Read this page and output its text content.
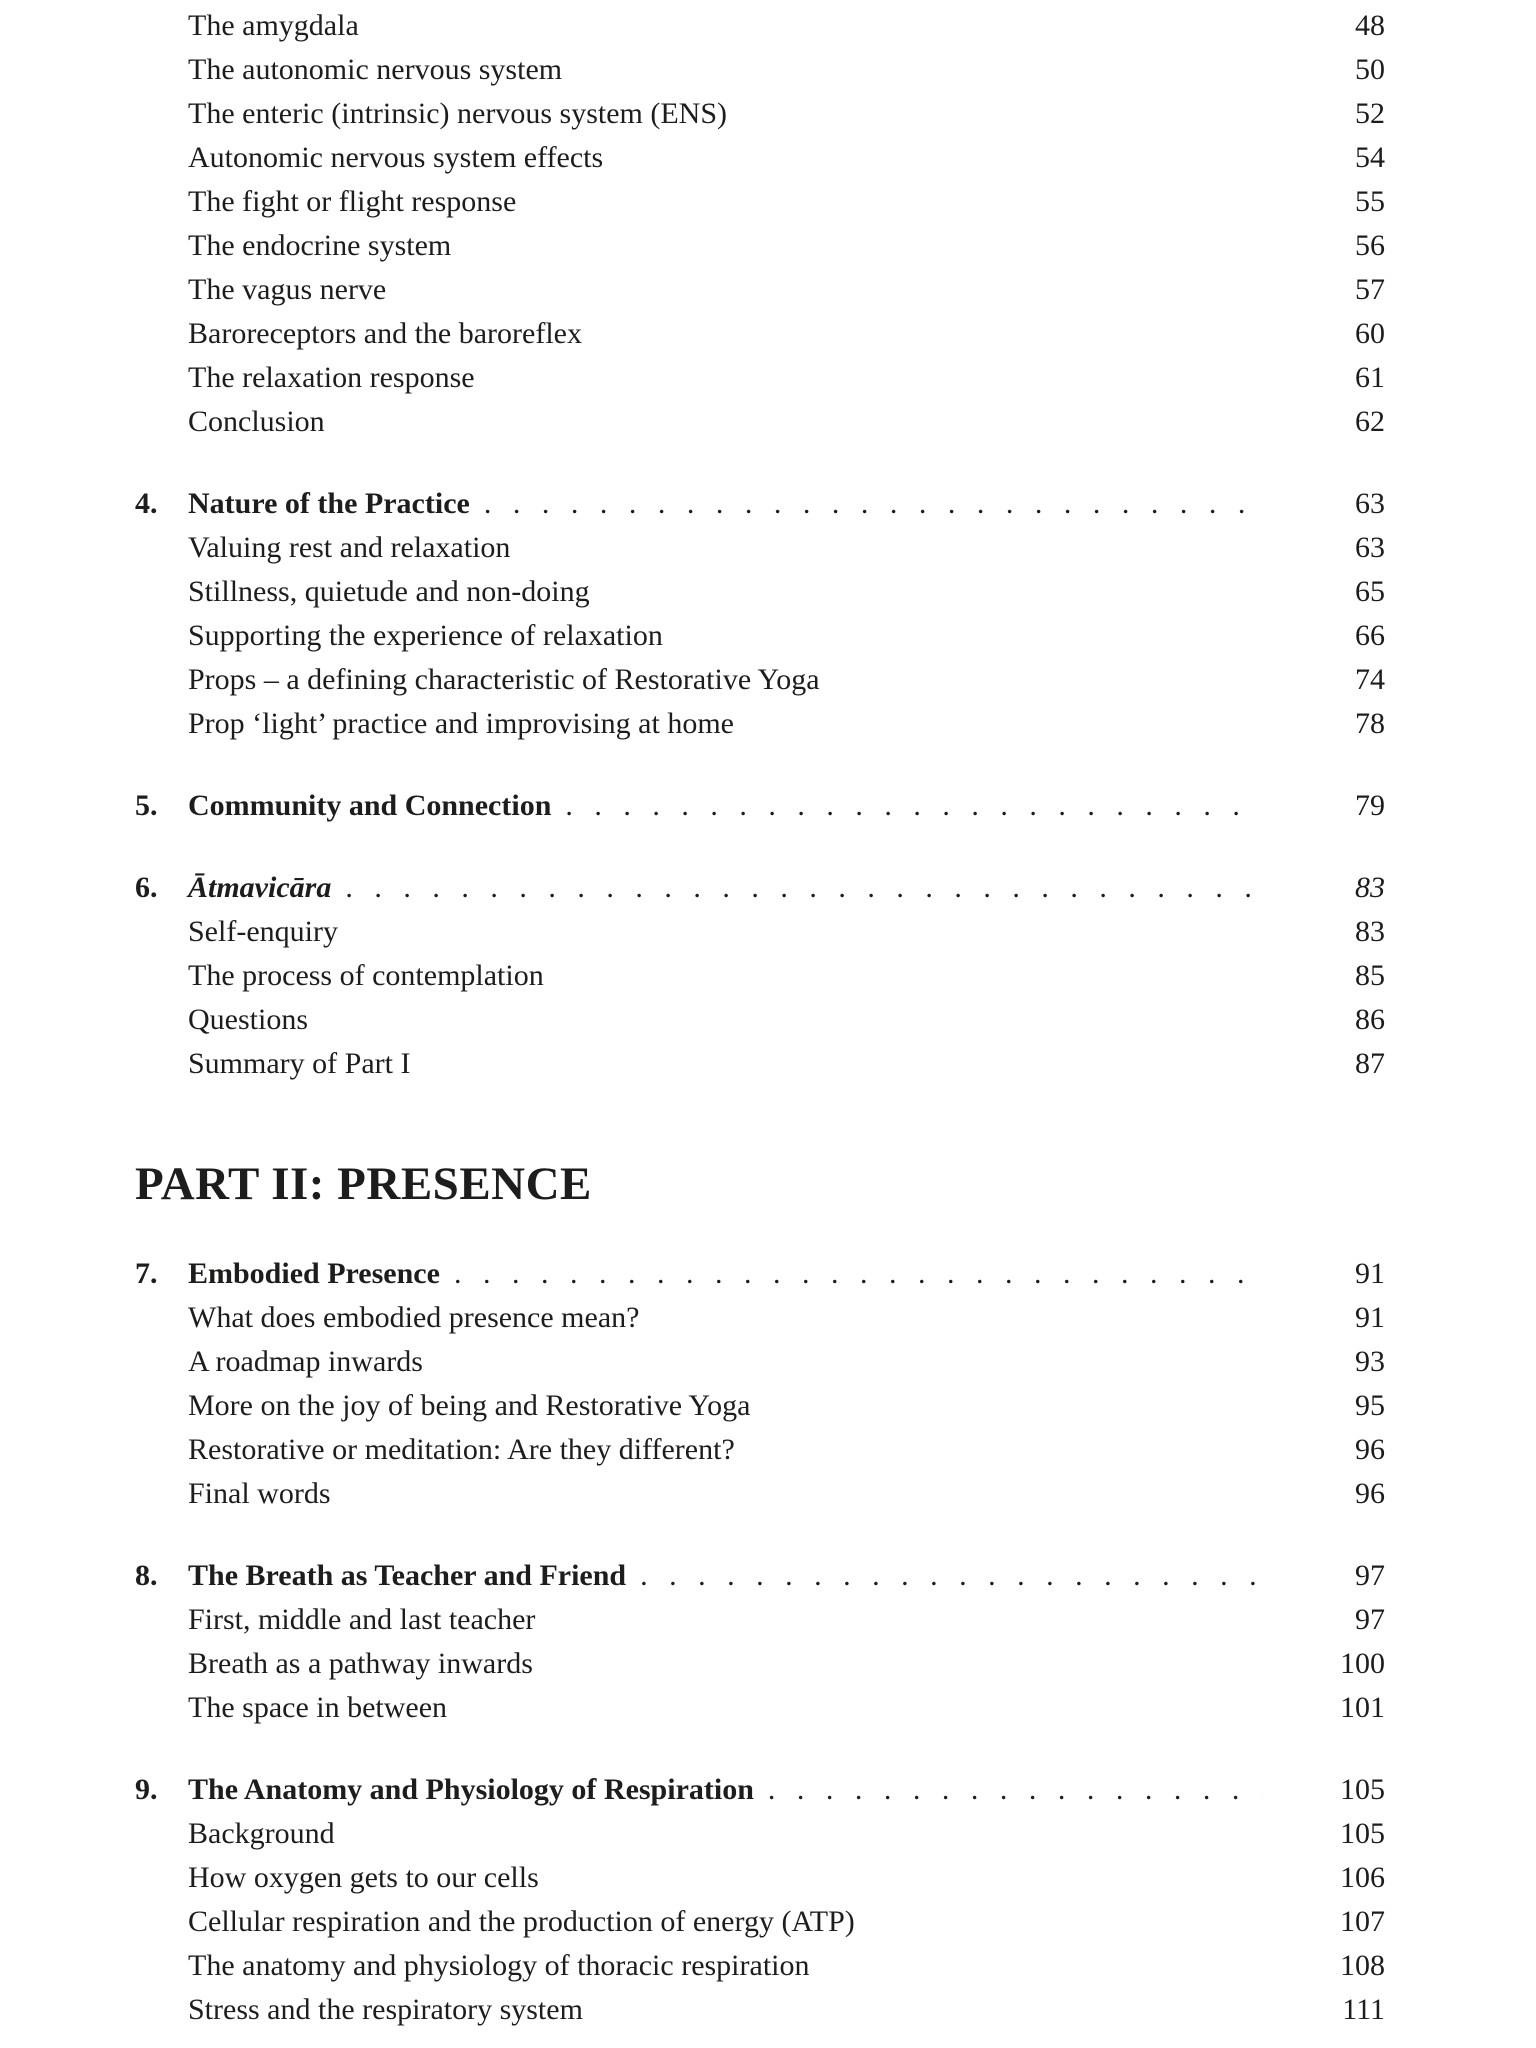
The amygdala	48
The autonomic nervous system	50
The enteric (intrinsic) nervous system (ENS)	52
Autonomic nervous system effects	54
The fight or flight response	55
The endocrine system	56
The vagus nerve	57
Baroreceptors and the baroreflex	60
The relaxation response	61
Conclusion	62
4.	Nature of the Practice . . .	63
Valuing rest and relaxation	63
Stillness, quietude and non-doing	65
Supporting the experience of relaxation	66
Props – a defining characteristic of Restorative Yoga	74
Prop ‘light’ practice and improvising at home	78
5.	Community and Connection . . .	79
6.	Ātmavicāra . . .	83
Self-enquiry	83
The process of contemplation	85
Questions	86
Summary of Part I	87
PART II: PRESENCE
7.	Embodied Presence . . .	91
What does embodied presence mean?	91
A roadmap inwards	93
More on the joy of being and Restorative Yoga	95
Restorative or meditation: Are they different?	96
Final words	96
8.	The Breath as Teacher and Friend . . .	97
First, middle and last teacher	97
Breath as a pathway inwards	100
The space in between	101
9.	The Anatomy and Physiology of Respiration . . .	105
Background	105
How oxygen gets to our cells	106
Cellular respiration and the production of energy (ATP)	107
The anatomy and physiology of thoracic respiration	108
Stress and the respiratory system	111
